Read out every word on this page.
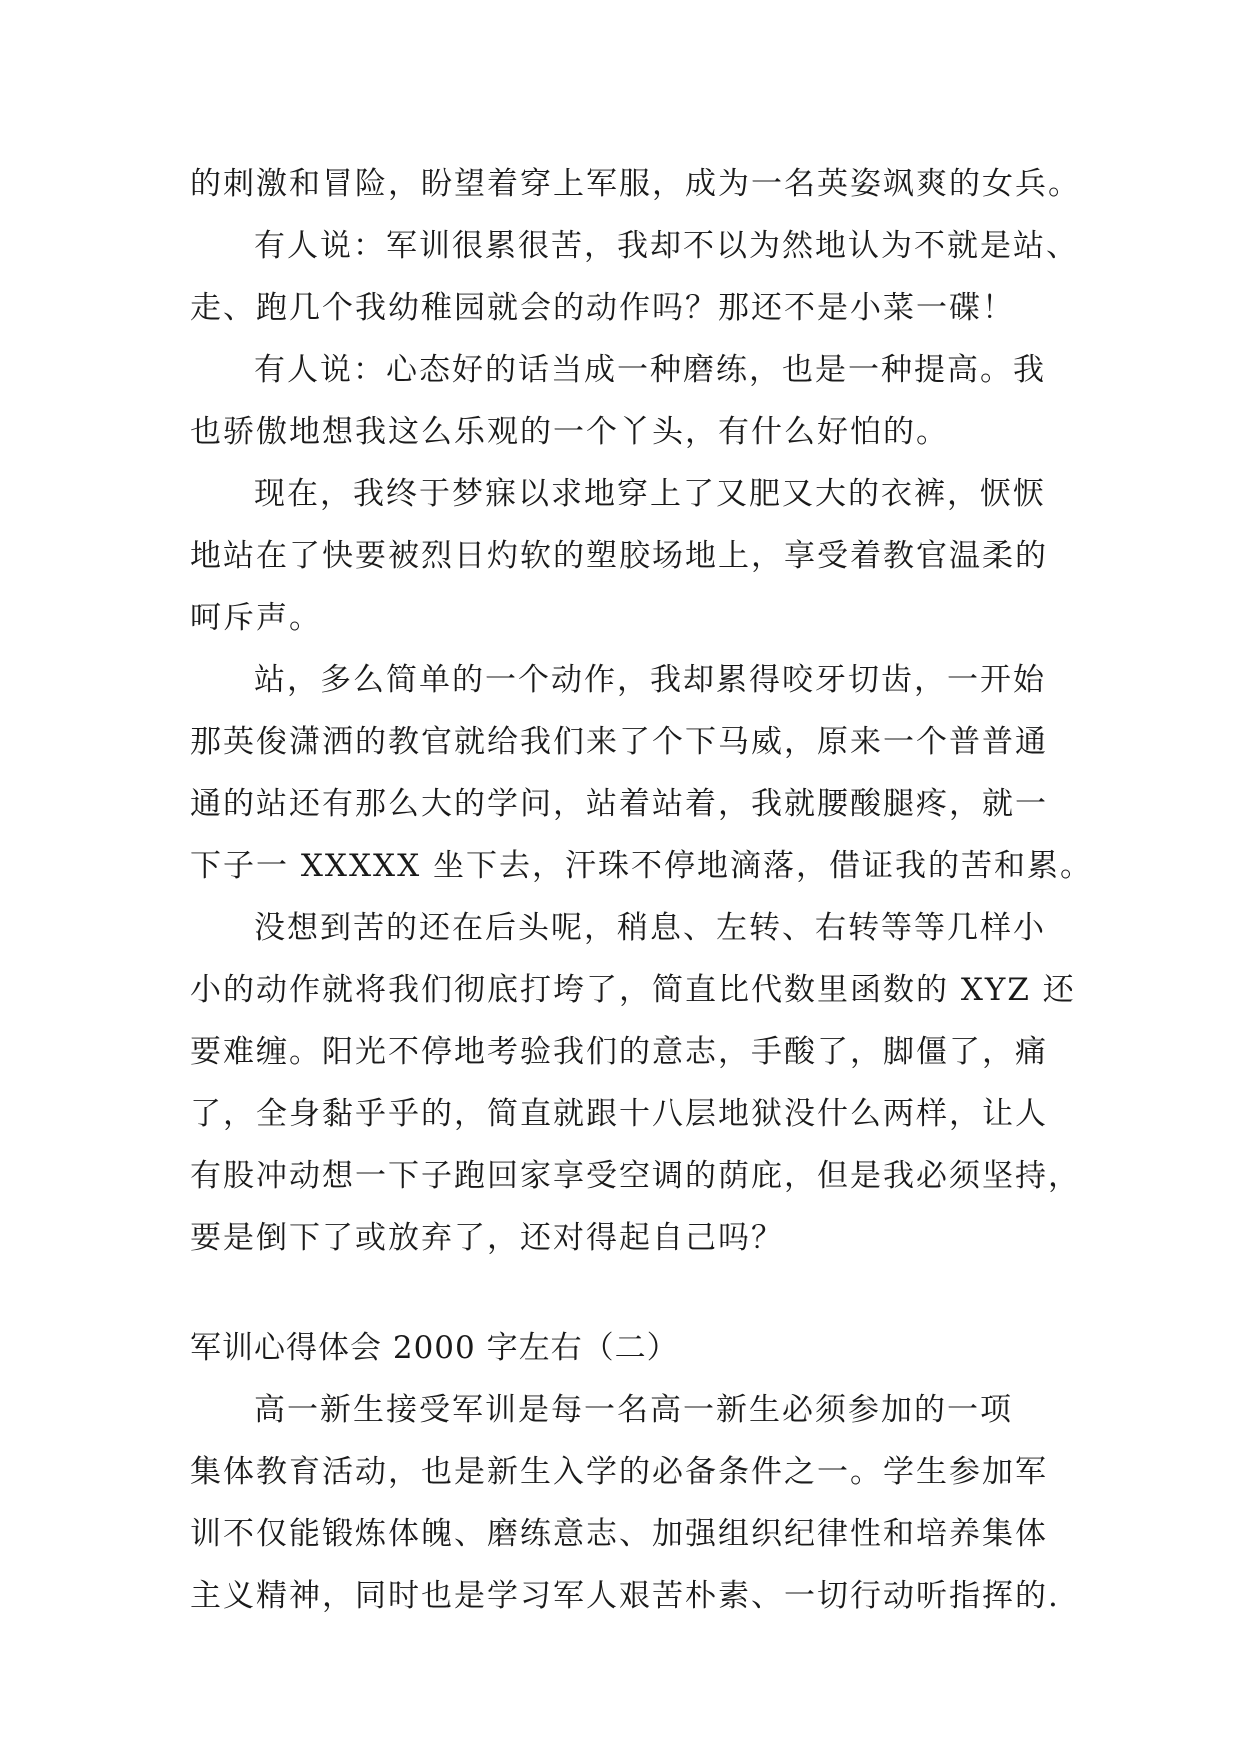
的刺激和冒险，盼望着穿上军服，成为一名英姿飒爽的女兵。

有人说：军训很累很苦，我却不以为然地认为不就是站、
走、跑几个我幼稚园就会的动作吗？那还不是小菜一碟！

有人说：心态好的话当成一种磨练，也是一种提高。我
也骄傲地想我这么乐观的一个丫头，有什么好怕的。

现在，我终于梦寐以求地穿上了又肥又大的衣裤，恹恹
地站在了快要被烈日灼软的塑胶场地上，享受着教官温柔的
呵斥声。

站，多么简单的一个动作，我却累得咬牙切齿，一开始
那英俊潇洒的教官就给我们来了个下马威，原来一个普普通
通的站还有那么大的学问，站着站着，我就腰酸腿疼，就一
下子一 XXXXX 坐下去，汗珠不停地滴落，借证我的苦和累。

没想到苦的还在后头呢，稍息、左转、右转等等几样小
小的动作就将我们彻底打垮了，简直比代数里函数的 XYZ 还
要难缠。阳光不停地考验我们的意志，手酸了，脚僵了，痛
了，全身黏乎乎的，简直就跟十八层地狱没什么两样，让人
有股冲动想一下子跑回家享受空调的荫庇，但是我必须坚持，
要是倒下了或放弃了，还对得起自己吗？

军训心得体会 2000 字左右（二）

高一新生接受军训是每一名高一新生必须参加的一项
集体教育活动，也是新生入学的必备条件之一。学生参加军
训不仅能锻炼体魄、磨练意志、加强组织纪律性和培养集体
主义精神，同时也是学习军人艰苦朴素、一切行动听指挥的.
